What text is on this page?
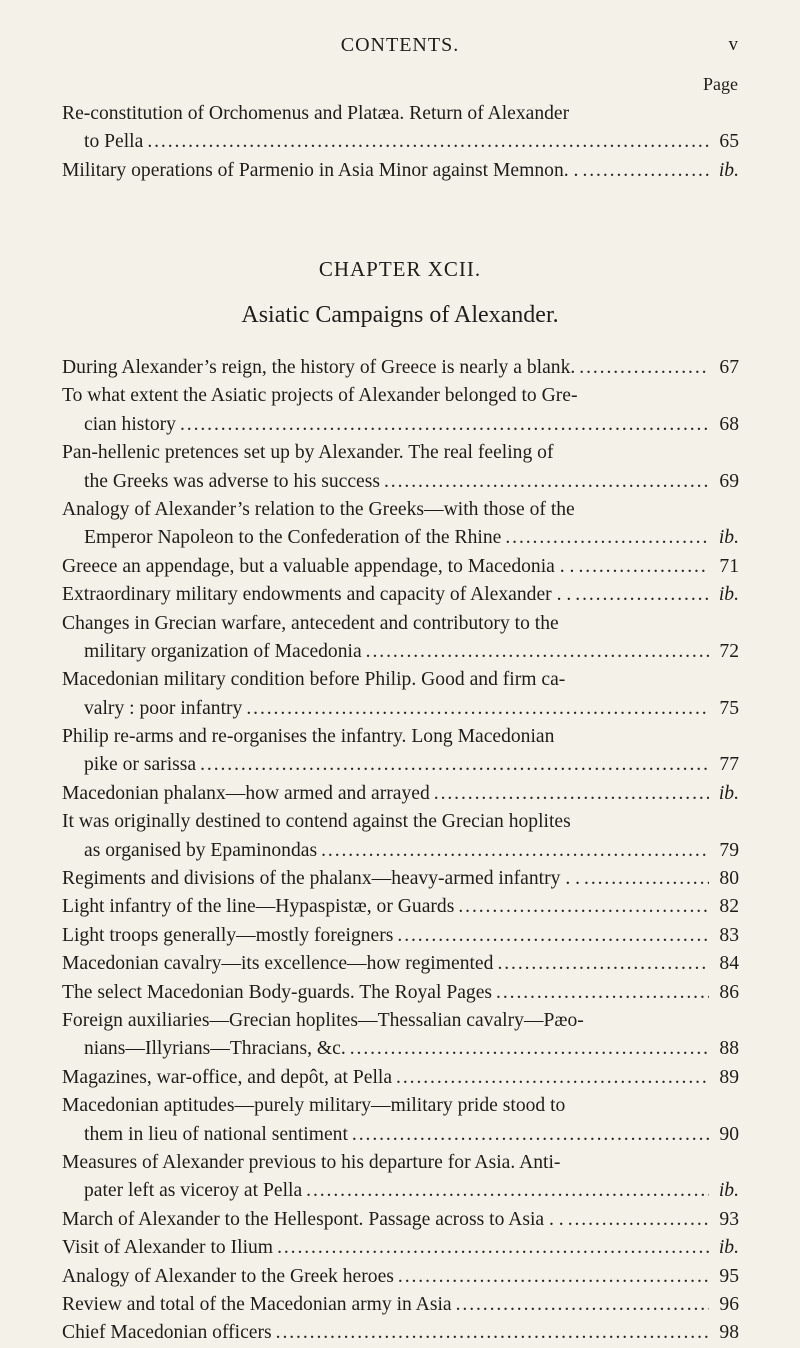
CONTENTS.	v
Page
Re-constitution of Orchomenus and Platæa. Return of Alexander
to Pella . . .	65
Military operations of Parmenio in Asia Minor against Memnon. . . . .	ib.
CHAPTER XCII.
Asiatic Campaigns of Alexander.
During Alexander’s reign, the history of Greece is nearly a blank. . . .	67
To what extent the Asiatic projects of Alexander belonged to Gre-
cian history . . .	68
Pan-hellenic pretences set up by Alexander. The real feeling of
the Greeks was adverse to his success . . .	69
Analogy of Alexander’s relation to the Greeks—with those of the
Emperor Napoleon to the Confederation of the Rhine . . .	ib.
Greece an appendage, but a valuable appendage, to Macedonia . . . . .	71
Extraordinary military endowments and capacity of Alexander . . . . .	ib.
Changes in Grecian warfare, antecedent and contributory to the
military organization of Macedonia . . .	72
Macedonian military condition before Philip. Good and firm ca-
valry : poor infantry . . .	75
Philip re-arms and re-organises the infantry. Long Macedonian
pike or sarissa . . .	77
Macedonian phalanx—how armed and arrayed . . .	ib.
It was originally destined to contend against the Grecian hoplites
as organised by Epaminondas . . .	79
Regiments and divisions of the phalanx—heavy-armed infantry . . . . .	80
Light infantry of the line—Hypaspistæ, or Guards . . .	82
Light troops generally—mostly foreigners . . .	83
Macedonian cavalry—its excellence—how regimented . . .	84
The select Macedonian Body-guards. The Royal Pages . . .	86
Foreign auxiliaries—Grecian hoplites—Thessalian cavalry—Pæo-
nians—Illyrians—Thracians, &c. . . .	88
Magazines, war-office, and depôt, at Pella . . .	89
Macedonian aptitudes—purely military—military pride stood to
them in lieu of national sentiment . . .	90
Measures of Alexander previous to his departure for Asia. Anti-
pater left as viceroy at Pella . . .	ib.
March of Alexander to the Hellespont. Passage across to Asia . . . . .	93
Visit of Alexander to Ilium . . .	ib.
Analogy of Alexander to the Greek heroes . . .	95
Review and total of the Macedonian army in Asia . . .	96
Chief Macedonian officers . . .	98
